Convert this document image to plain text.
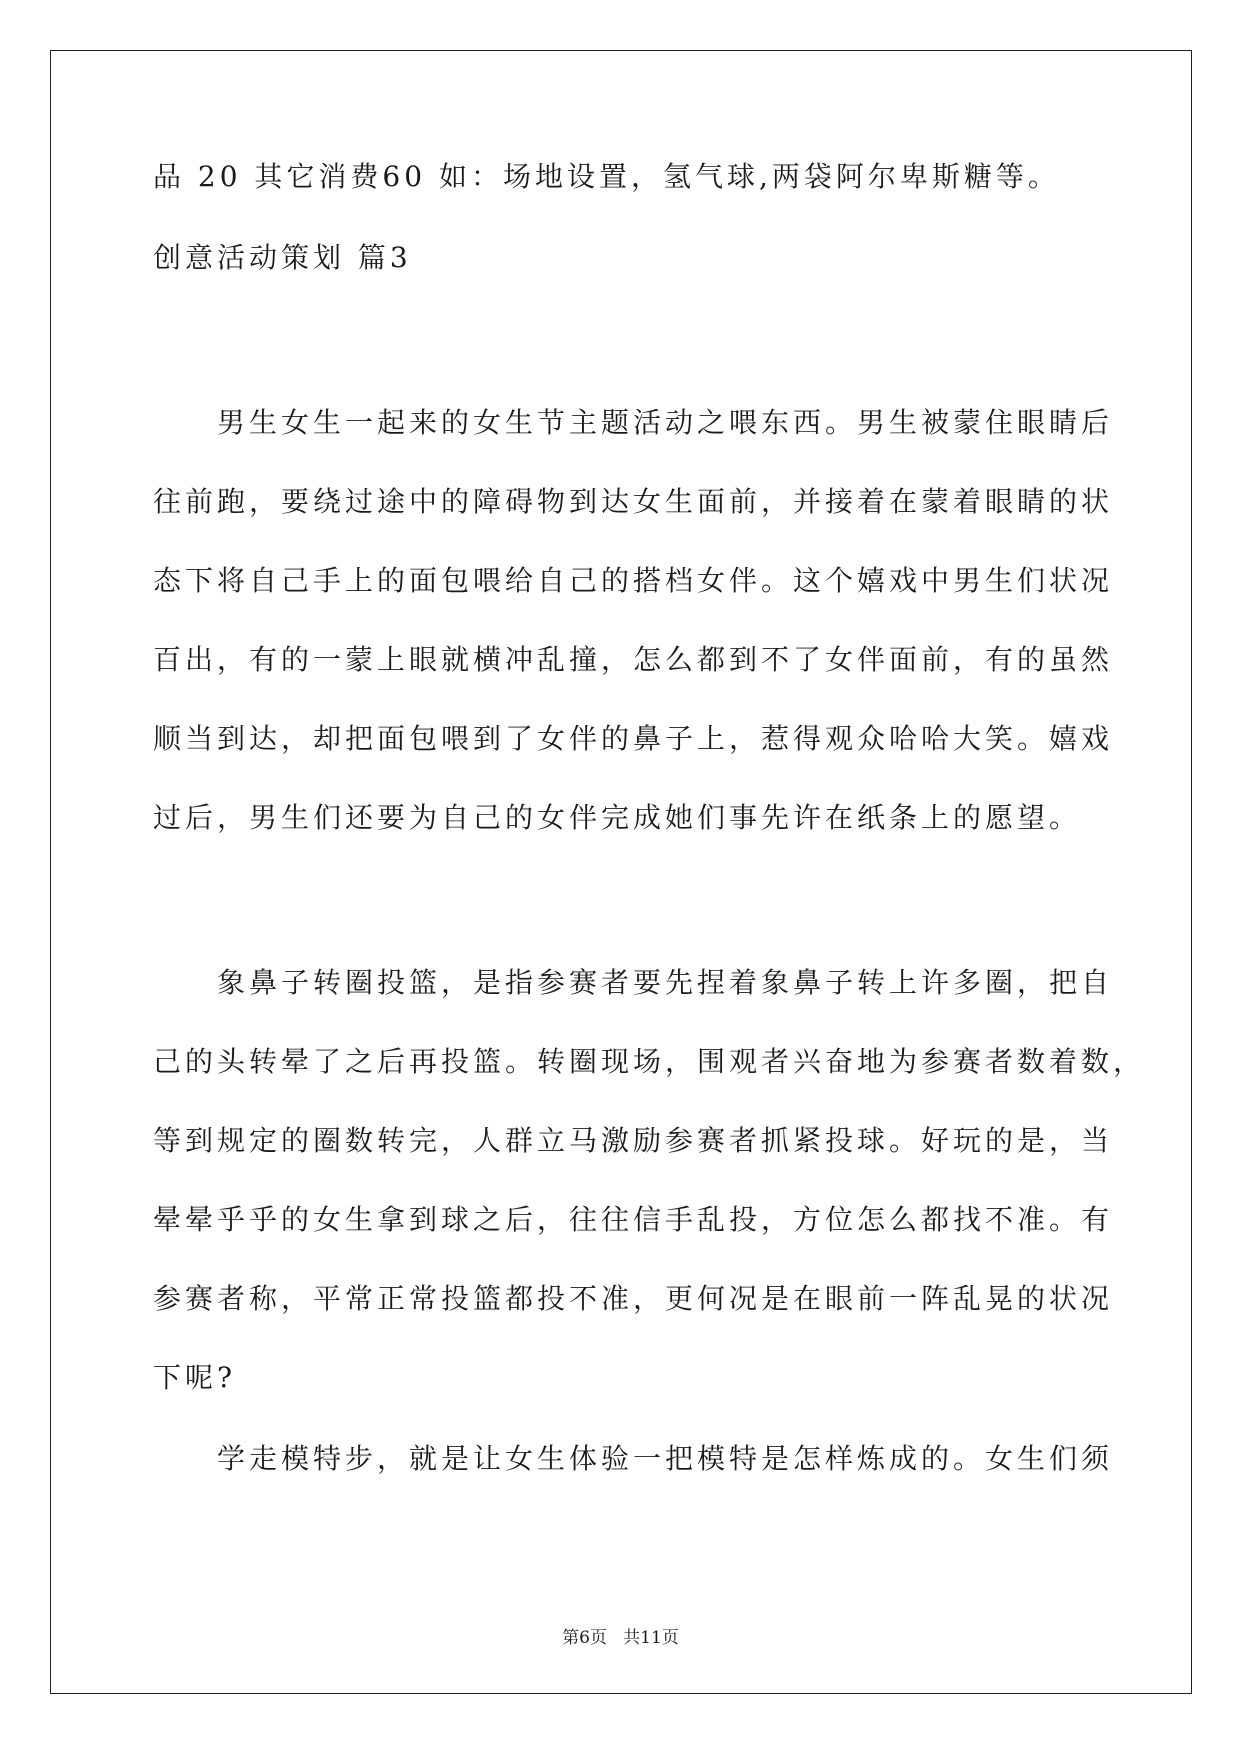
品 20 其它消费60 如：场地设置，氢气球,两袋阿尔卑斯糖等。
创意活动策划 篇3
　　男生女生一起来的女生节主题活动之喂东西。男生被蒙住眼睛后
往前跑，要绕过途中的障碍物到达女生面前，并接着在蒙着眼睛的状
态下将自己手上的面包喂给自己的搭档女伴。这个嬉戏中男生们状况
百出，有的一蒙上眼就横冲乱撞，怎么都到不了女伴面前，有的虽然
顺当到达，却把面包喂到了女伴的鼻子上，惹得观众哈哈大笑。嬉戏
过后，男生们还要为自己的女伴完成她们事先许在纸条上的愿望。
　　象鼻子转圈投篮，是指参赛者要先捏着象鼻子转上许多圈，把自
己的头转晕了之后再投篮。转圈现场，围观者兴奋地为参赛者数着数，
等到规定的圈数转完，人群立马激励参赛者抓紧投球。好玩的是，当
晕晕乎乎的女生拿到球之后，往往信手乱投，方位怎么都找不准。有
参赛者称，平常正常投篮都投不准，更何况是在眼前一阵乱晃的状况
下呢?
　　学走模特步，就是让女生体验一把模特是怎样炼成的。女生们须
第6页   共11页
